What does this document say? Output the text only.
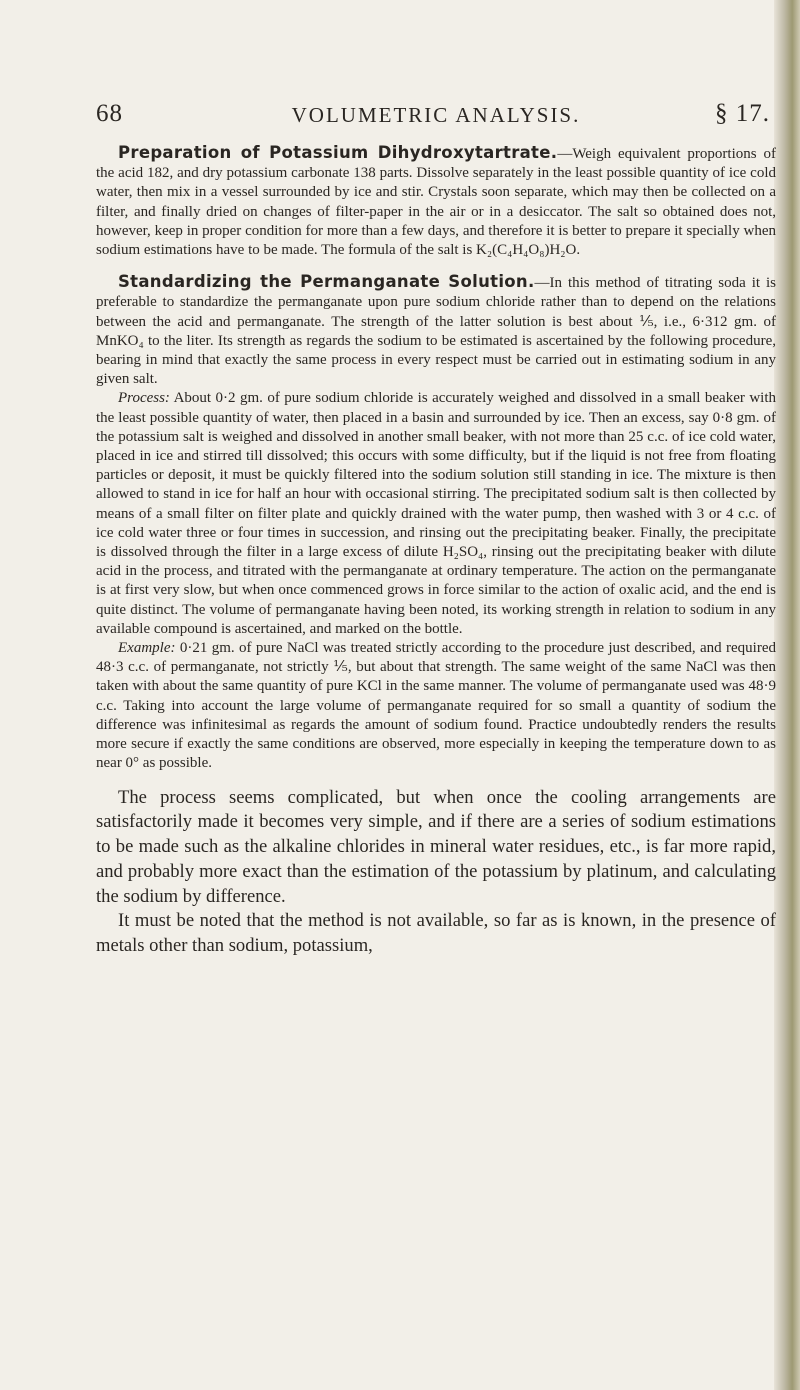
68	VOLUMETRIC ANALYSIS.	§ 17.

Preparation of Potassium Dihydroxytartrate.—Weigh equivalent proportions of the acid 182, and dry potassium carbonate 138 parts. Dissolve separately in the least possible quantity of ice cold water, then mix in a vessel surrounded by ice and stir. Crystals soon separate, which may then be collected on a filter, and finally dried on changes of filter-paper in the air or in a desiccator. The salt so obtained does not, however, keep in proper condition for more than a few days, and therefore it is better to prepare it specially when sodium estimations have to be made. The formula of the salt is K₂(C₄H₄O₈)H₂O.

Standardizing the Permanganate Solution.—In this method of titrating soda it is preferable to standardize the permanganate upon pure sodium chloride rather than to depend on the relations between the acid and permanganate. The strength of the latter solution is best about ⅕, i.e., 6·312 gm. of MnKO₄ to the liter. Its strength as regards the sodium to be estimated is ascertained by the following procedure, bearing in mind that exactly the same process in every respect must be carried out in estimating sodium in any given salt.

Process: About 0·2 gm. of pure sodium chloride is accurately weighed and dissolved in a small beaker with the least possible quantity of water, then placed in a basin and surrounded by ice. Then an excess, say 0·8 gm. of the potassium salt is weighed and dissolved in another small beaker, with not more than 25 c.c. of ice cold water, placed in ice and stirred till dissolved; this occurs with some difficulty, but if the liquid is not free from floating particles or deposit, it must be quickly filtered into the sodium solution still standing in ice. The mixture is then allowed to stand in ice for half an hour with occasional stirring. The precipitated sodium salt is then collected by means of a small filter on filter plate and quickly drained with the water pump, then washed with 3 or 4 c.c. of ice cold water three or four times in succession, and rinsing out the precipitating beaker. Finally, the precipitate is dissolved through the filter in a large excess of dilute H₂SO₄, rinsing out the precipitating beaker with dilute acid in the process, and titrated with the permanganate at ordinary temperature. The action on the permanganate is at first very slow, but when once commenced grows in force similar to the action of oxalic acid, and the end is quite distinct. The volume of permanganate having been noted, its working strength in relation to sodium in any available compound is ascertained, and marked on the bottle.

Example: 0·21 gm. of pure NaCl was treated strictly according to the procedure just described, and required 48·3 c.c. of permanganate, not strictly ⅕, but about that strength. The same weight of the same NaCl was then taken with about the same quantity of pure KCl in the same manner. The volume of permanganate used was 48·9 c.c. Taking into account the large volume of permanganate required for so small a quantity of sodium the difference was infinitesimal as regards the amount of sodium found. Practice undoubtedly renders the results more secure if exactly the same conditions are observed, more especially in keeping the temperature down to as near 0° as possible.

The process seems complicated, but when once the cooling arrangements are satisfactorily made it becomes very simple, and if there are a series of sodium estimations to be made such as the alkaline chlorides in mineral water residues, etc., is far more rapid, and probably more exact than the estimation of the potassium by platinum, and calculating the sodium by difference.

It must be noted that the method is not available, so far as is known, in the presence of metals other than sodium, potassium,
